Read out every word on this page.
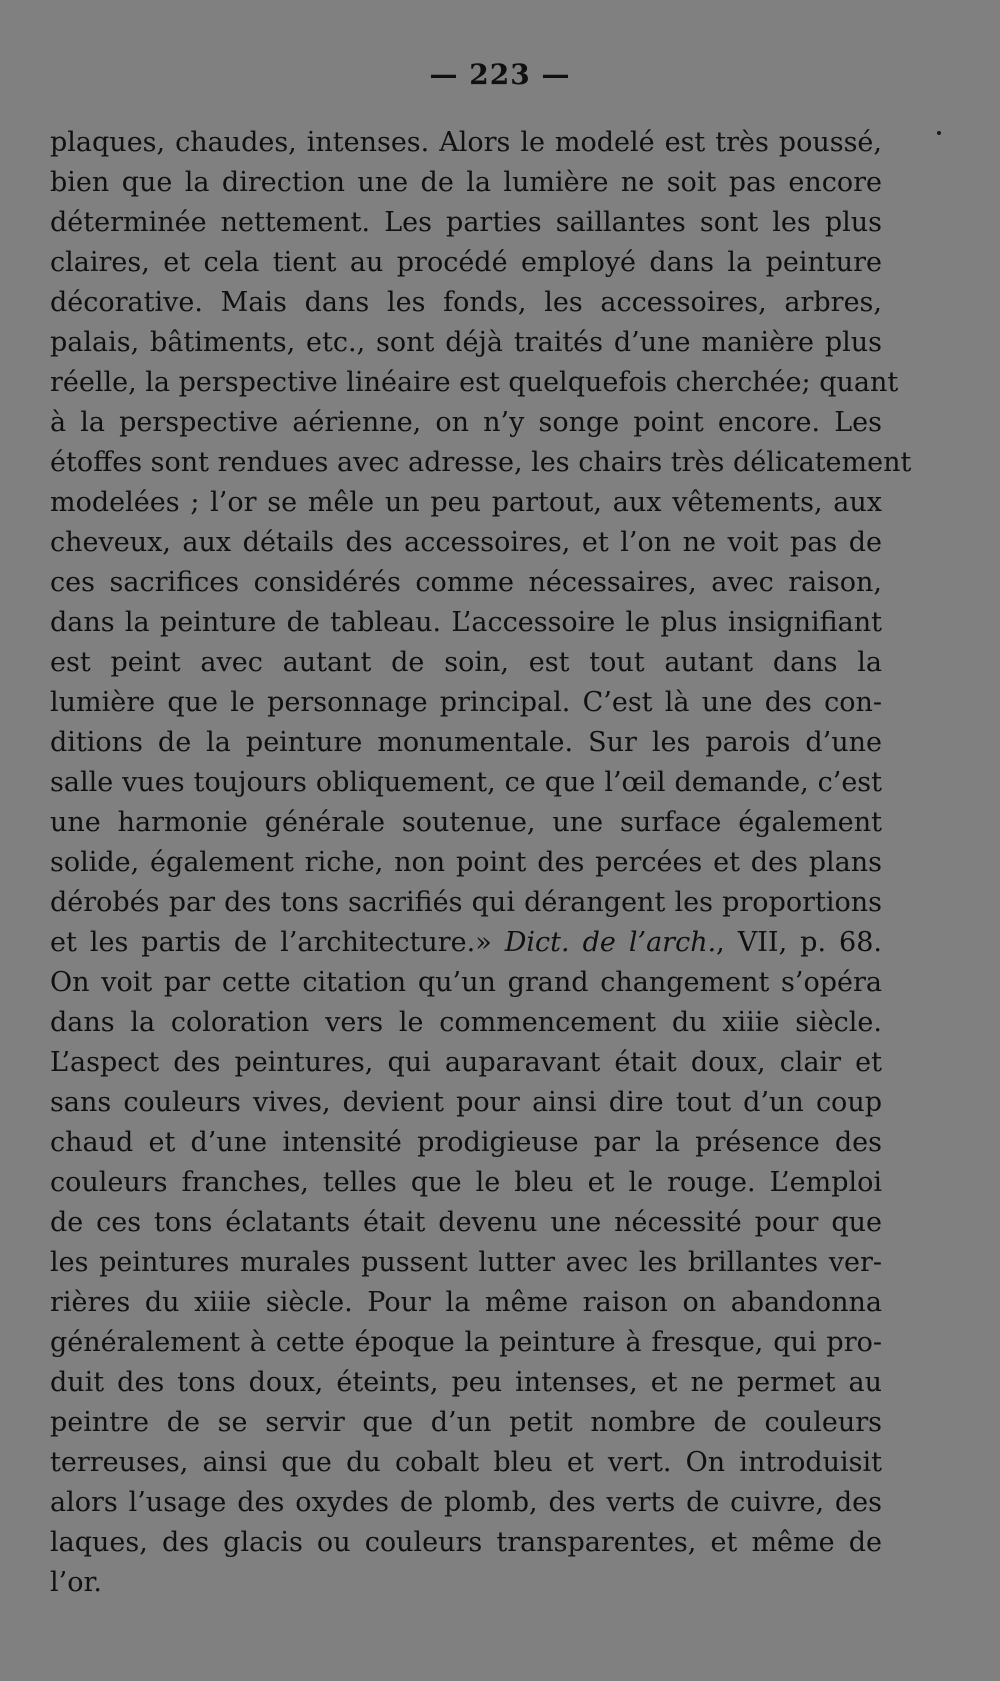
— 223 —
plaques, chaudes, intenses. Alors le modelé est très poussé,
bien que la direction une de la lumière ne soit pas encore
déterminée nettement. Les parties saillantes sont les plus
claires, et cela tient au procédé employé dans la peinture
décorative. Mais dans les fonds, les accessoires, arbres,
palais, bâtiments, etc., sont déjà traités d’une manière plus
réelle, la perspective linéaire est quelquefois cherchée; quant
à la perspective aérienne, on n’y songe point encore. Les
étoffes sont rendues avec adresse, les chairs très délicatement
modelées ; l’or se mêle un peu partout, aux vêtements, aux
cheveux, aux détails des accessoires, et l’on ne voit pas de
ces sacrifices considérés comme nécessaires, avec raison,
dans la peinture de tableau. L’accessoire le plus insignifiant
est peint avec autant de soin, est tout autant dans la
lumière que le personnage principal. C’est là une des con-
ditions de la peinture monumentale. Sur les parois d’une
salle vues toujours obliquement, ce que l’œil demande, c’est
une harmonie générale soutenue, une surface également
solide, également riche, non point des percées et des plans
dérobés par des tons sacrifiés qui dérangent les proportions
et les partis de l’architecture.» Dict. de l’arch., VII, p. 68.
On voit par cette citation qu’un grand changement s’opéra
dans la coloration vers le commencement du xiiie siècle.
L’aspect des peintures, qui auparavant était doux, clair et
sans couleurs vives, devient pour ainsi dire tout d’un coup
chaud et d’une intensité prodigieuse par la présence des
couleurs franches, telles que le bleu et le rouge. L’emploi
de ces tons éclatants était devenu une nécessité pour que
les peintures murales pussent lutter avec les brillantes ver-
rières du xiiie siècle. Pour la même raison on abandonna
généralement à cette époque la peinture à fresque, qui pro-
duit des tons doux, éteints, peu intenses, et ne permet au
peintre de se servir que d’un petit nombre de couleurs
terreuses, ainsi que du cobalt bleu et vert. On introduisit
alors l’usage des oxydes de plomb, des verts de cuivre, des
laques, des glacis ou couleurs transparentes, et même de
l’or.
